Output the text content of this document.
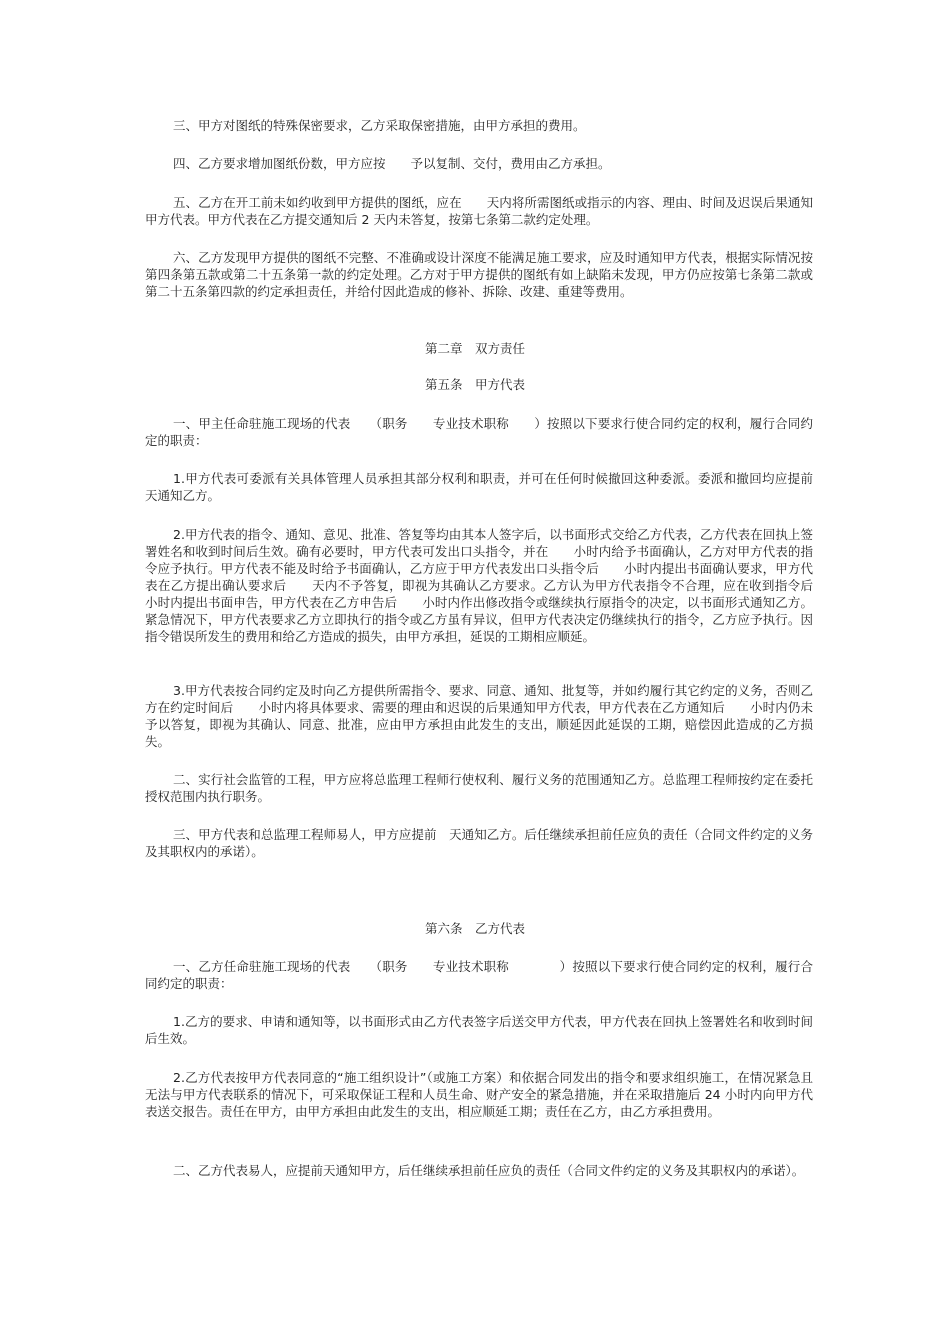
三、甲方对图纸的特殊保密要求，乙方采取保密措施，由甲方承担的费用。

四、乙方要求增加图纸份数，甲方应按　　予以复制、交付，费用由乙方承担。

五、乙方在开工前未如约收到甲方提供的图纸，应在　　天内将所需图纸或指示的内容、理由、时间及迟误后果通知甲方代表。甲方代表在乙方提交通知后 2 天内未答复，按第七条第二款约定处理。

六、乙方发现甲方提供的图纸不完整、不准确或设计深度不能满足施工要求，应及时通知甲方代表，根据实际情况按第四条第五款或第二十五条第一款的约定处理。乙方对于甲方提供的图纸有如上缺陷未发现，甲方仍应按第七条第二款或第二十五条第四款的约定承担责任，并给付因此造成的修补、拆除、改建、重建等费用。

第二章　双方责任

第五条　甲方代表

一、甲主任命驻施工现场的代表　　（职务　　专业技术职称　　）按照以下要求行使合同约定的权利，履行合同约定的职责：

1.甲方代表可委派有关具体管理人员承担其部分权利和职责，并可在任何时候撤回这种委派。委派和撤回均应提前　　天通知乙方。

2.甲方代表的指令、通知、意见、批准、答复等均由其本人签字后，以书面形式交给乙方代表，乙方代表在回执上签署姓名和收到时间后生效。确有必要时，甲方代表可发出口头指令，并在　　小时内给予书面确认，乙方对甲方代表的指令应予执行。甲方代表不能及时给予书面确认，乙方应于甲方代表发出口头指令后　　小时内提出书面确认要求，甲方代表在乙方提出确认要求后　　天内不予答复，即视为其确认乙方要求。乙方认为甲方代表指令不合理，应在收到指令后　　小时内提出书面申告，甲方代表在乙方申告后　　小时内作出修改指令或继续执行原指令的决定，以书面形式通知乙方。紧急情况下，甲方代表要求乙方立即执行的指令或乙方虽有异议，但甲方代表决定仍继续执行的指令，乙方应予执行。因指令错误所发生的费用和给乙方造成的损失，由甲方承担，延误的工期相应顺延。

3.甲方代表按合同约定及时向乙方提供所需指令、要求、同意、通知、批复等，并如约履行其它约定的义务，否则乙方在约定时间后　　小时内将具体要求、需要的理由和迟误的后果通知甲方代表，甲方代表在乙方通知后　　小时内仍未予以答复，即视为其确认、同意、批准，应由甲方承担由此发生的支出，顺延因此延误的工期，赔偿因此造成的乙方损失。

二、实行社会监管的工程，甲方应将总监理工程师行使权利、履行义务的范围通知乙方。总监理工程师按约定在委托授权范围内执行职务。

三、甲方代表和总监理工程师易人，甲方应提前　天通知乙方。后任继续承担前任应负的责任（合同文件约定的义务及其职权内的承诺）。

第六条　乙方代表

一、乙方任命驻施工现场的代表　　（职务　　专业技术职称　　　　）按照以下要求行使合同约定的权利，履行合同约定的职责：

1.乙方的要求、申请和通知等，以书面形式由乙方代表签字后送交甲方代表，甲方代表在回执上签署姓名和收到时间后生效。

2.乙方代表按甲方代表同意的“施工组织设计”（或施工方案）和依据合同发出的指令和要求组织施工，在情况紧急且无法与甲方代表联系的情况下，可采取保证工程和人员生命、财产安全的紧急措施，并在采取措施后 24 小时内向甲方代表送交报告。责任在甲方，由甲方承担由此发生的支出，相应顺延工期；责任在乙方，由乙方承担费用。

二、乙方代表易人，应提前天通知甲方，后任继续承担前任应负的责任（合同文件约定的义务及其职权内的承诺）。
